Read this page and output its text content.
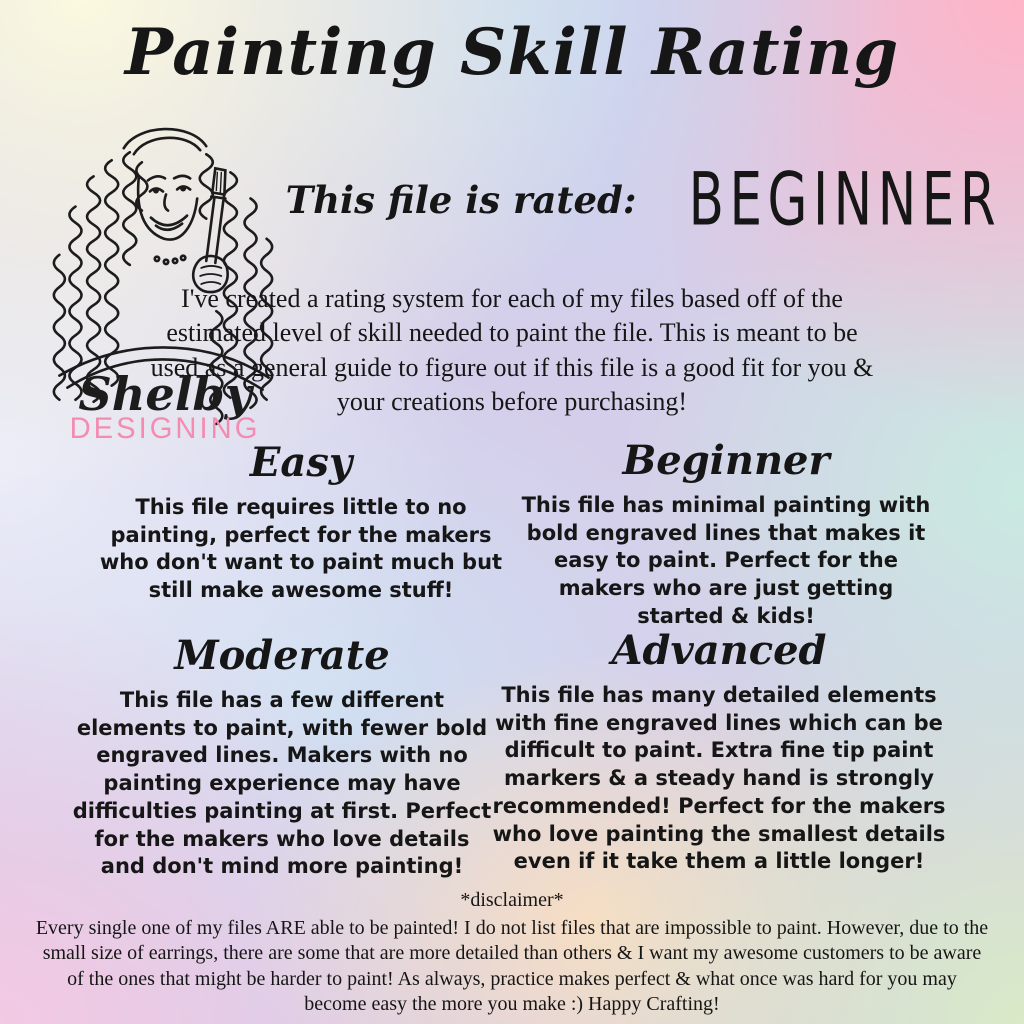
Painting Skill Rating
Shelby
DESIGNING
This file is rated: BEGINNER
I've created a rating system for each of my files based off of the estimated level of skill needed to paint the file. This is meant to be used as a general guide to figure out if this file is a good fit for you & your creations before purchasing!
Easy

This file requires little to no painting, perfect for the makers who don't want to paint much but still make awesome stuff!

Beginner

This file has minimal painting with bold engraved lines that makes it easy to paint. Perfect for the makers who are just getting started & kids!

Moderate

This file has a few different elements to paint, with fewer bold engraved lines. Makers with no painting experience may have difficulties painting at first. Perfect for the makers who love details and don't mind more painting!

Advanced

This file has many detailed elements with fine engraved lines which can be difficult to paint. Extra fine tip paint markers & a steady hand is strongly recommended! Perfect for the makers who love painting the smallest details even if it take them a little longer!

*disclaimer*

Every single one of my files ARE able to be painted! I do not list files that are impossible to paint. However, due to the small size of earrings, there are some that are more detailed than others & I want my awesome customers to be aware of the ones that might be harder to paint! As always, practice makes perfect & what once was hard for you may become easy the more you make :) Happy Crafting!
